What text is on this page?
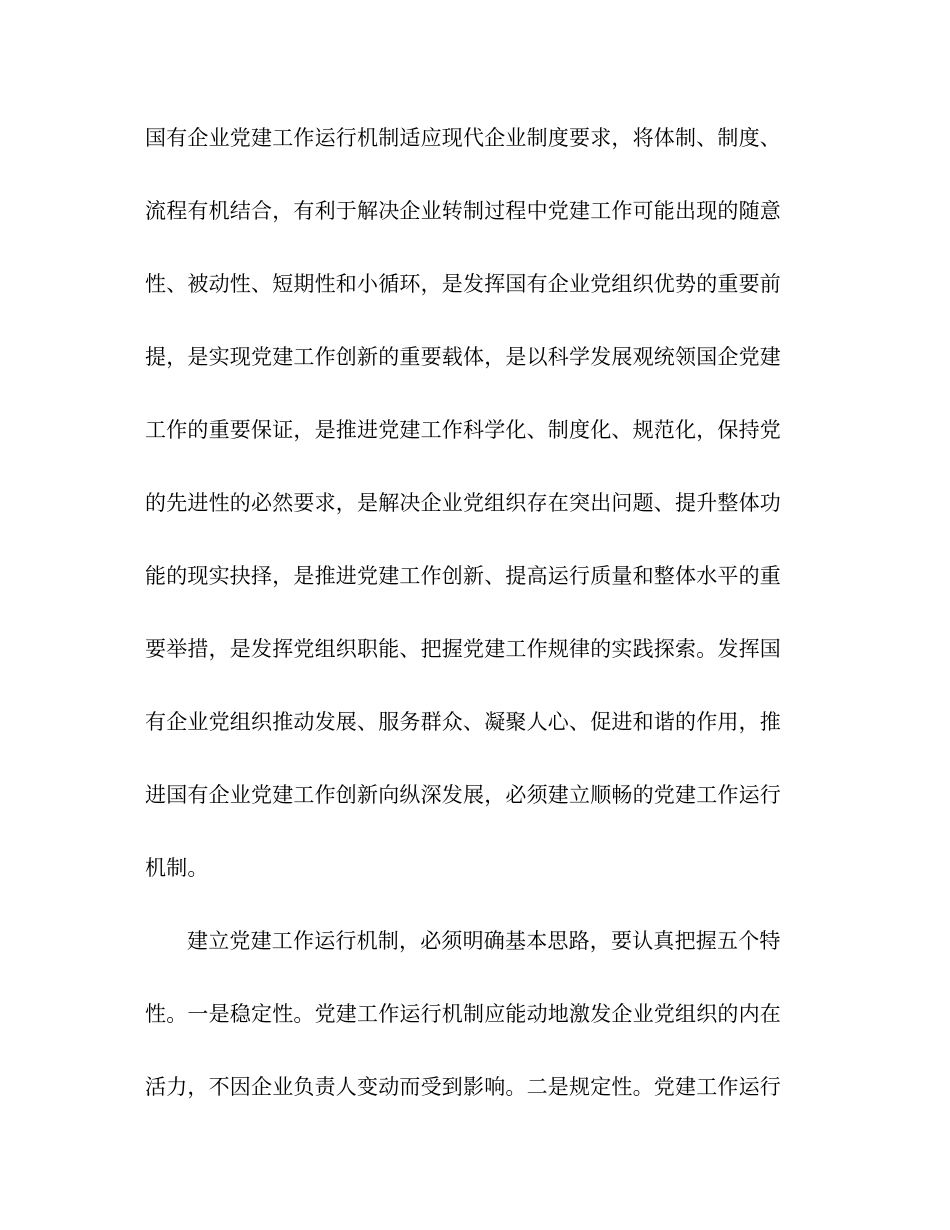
国有企业党建工作运行机制适应现代企业制度要求，将体制、制度、
流程有机结合，有利于解决企业转制过程中党建工作可能出现的随意
性、被动性、短期性和小循环，是发挥国有企业党组织优势的重要前
提，是实现党建工作创新的重要载体，是以科学发展观统领国企党建
工作的重要保证，是推进党建工作科学化、制度化、规范化，保持党
的先进性的必然要求，是解决企业党组织存在突出问题、提升整体功
能的现实抉择，是推进党建工作创新、提高运行质量和整体水平的重
要举措，是发挥党组织职能、把握党建工作规律的实践探索。发挥国
有企业党组织推动发展、服务群众、凝聚人心、促进和谐的作用，推
进国有企业党建工作创新向纵深发展，必须建立顺畅的党建工作运行
机制。
建立党建工作运行机制，必须明确基本思路，要认真把握五个特
性。一是稳定性。党建工作运行机制应能动地激发企业党组织的内在
活力，不因企业负责人变动而受到影响。二是规定性。党建工作运行
